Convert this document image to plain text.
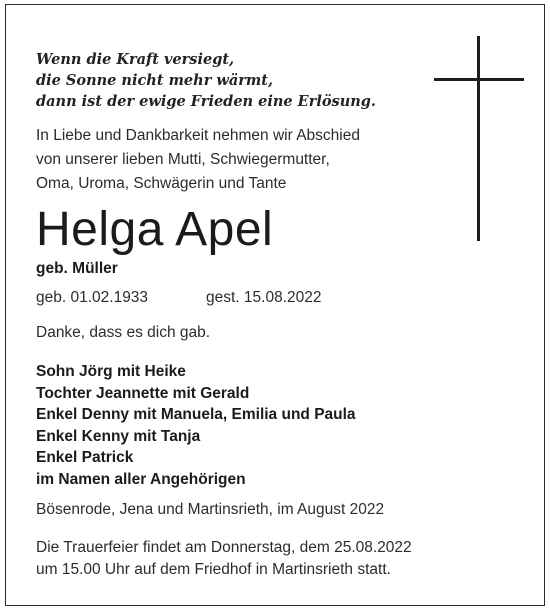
Wenn die Kraft versiegt,
die Sonne nicht mehr wärmt,
dann ist der ewige Frieden eine Erlösung.
In Liebe und Dankbarkeit nehmen wir Abschied
von unserer lieben Mutti, Schwiegermutter,
Oma, Uroma, Schwägerin und Tante
Helga Apel
geb. Müller
geb. 01.02.1933	gest. 15.08.2022
Danke, dass es dich gab.
Sohn Jörg mit Heike
Tochter Jeannette mit Gerald
Enkel Denny mit Manuela, Emilia und Paula
Enkel Kenny mit Tanja
Enkel Patrick
im Namen aller Angehörigen
Bösenrode, Jena und Martinsrieth, im August 2022
Die Trauerfeier findet am Donnerstag, dem 25.08.2022
um 15.00 Uhr auf dem Friedhof in Martinsrieth statt.
